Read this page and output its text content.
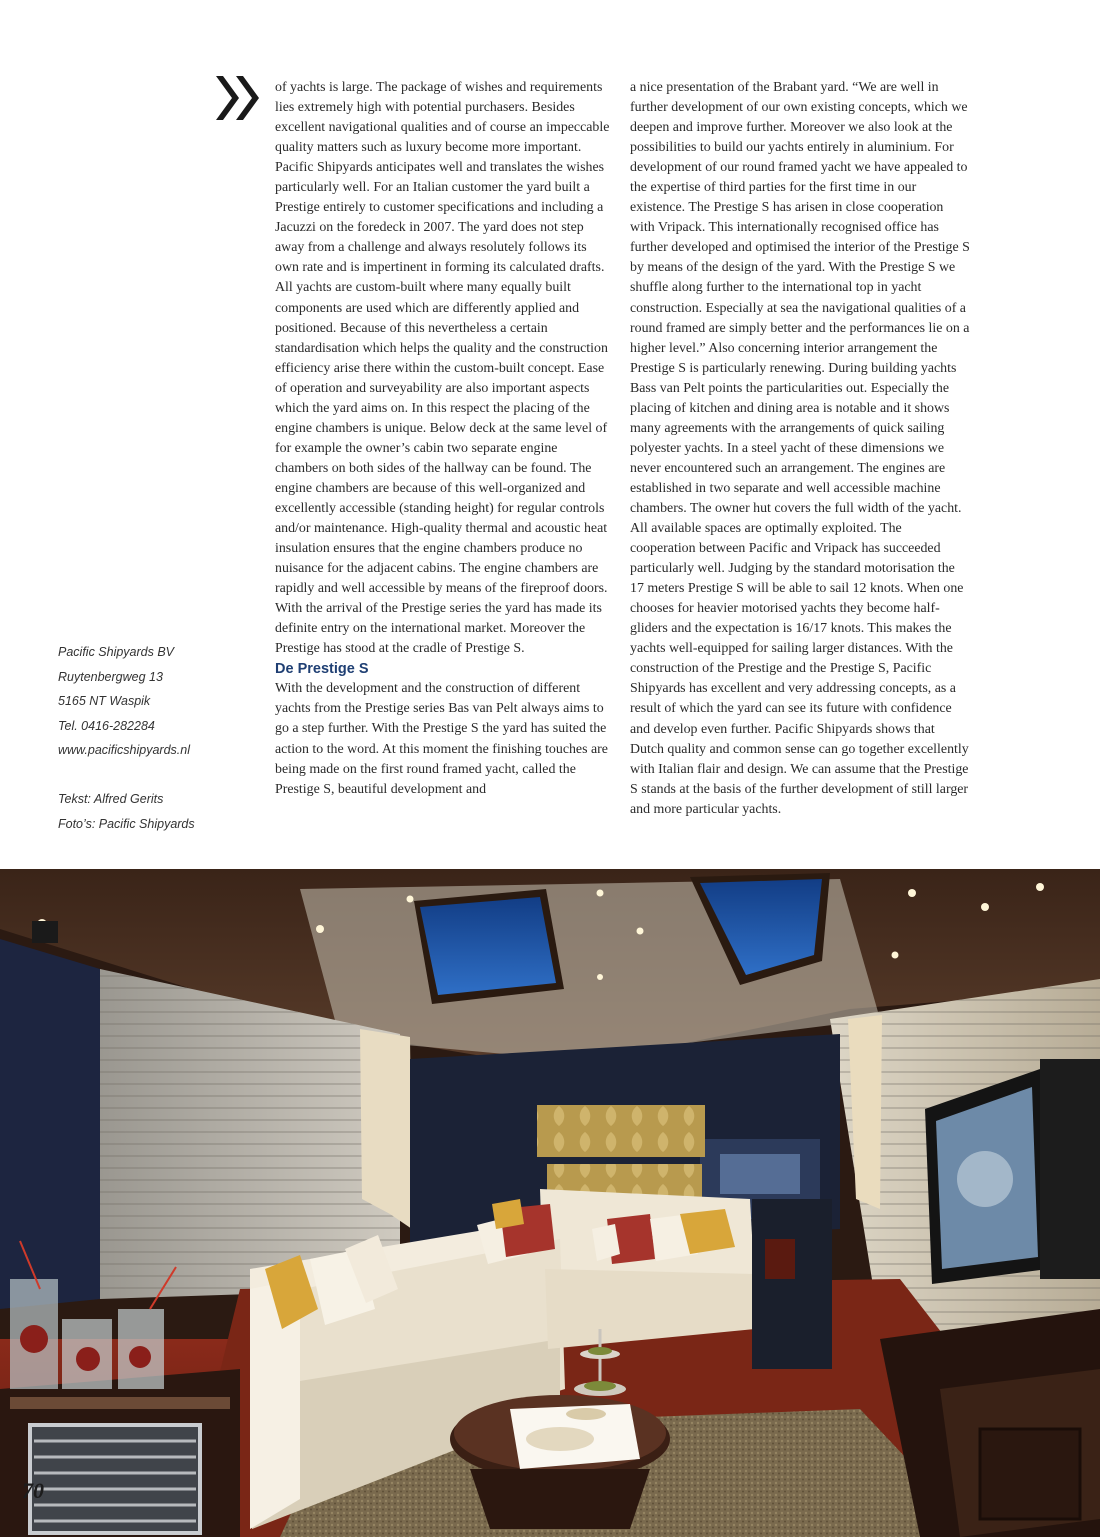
of yachts is large. The package of wishes and requirements lies extremely high with potential purchasers. Besides excellent navigational qualities and of course an impeccable quality matters such as luxury become more important. Pacific Shipyards anticipates well and translates the wishes particularly well. For an Italian customer the yard built a Prestige entirely to customer specifications and including a Jacuzzi on the foredeck in 2007. The yard does not step away from a challenge and always resolutely follows its own rate and is impertinent in forming its calculated drafts. All yachts are custom-built where many equally built components are used which are differently applied and positioned. Because of this nevertheless a certain standardisation which helps the quality and the construction efficiency arise there within the custom-built concept. Ease of operation and surveyability are also important aspects which the yard aims on. In this respect the placing of the engine chambers is unique. Below deck at the same level of for example the owner’s cabin two separate engine chambers on both sides of the hallway can be found. The engine chambers are because of this well-organized and excellently accessible (standing height) for regular controls and/or maintenance. High-quality thermal and acoustic heat insulation ensures that the engine chambers produce no nuisance for the adjacent cabins. The engine chambers are rapidly and well accessible by means of the fireproof doors. With the arrival of the Prestige series the yard has made its definite entry on the international market. Moreover the Prestige has stood at the cradle of Prestige S.

De Prestige S

With the development and the construction of different yachts from the Prestige series Bas van Pelt always aims to go a step further. With the Prestige S the yard has suited the action to the word. At this moment the finishing touches are being made on the first round framed yacht, called the Prestige S, beautiful development and

a nice presentation of the Brabant yard. “We are well in further development of our own existing concepts, which we deepen and improve further. Moreover we also look at the possibilities to build our yachts entirely in aluminium. For development of our round framed yacht we have appealed to the expertise of third parties for the first time in our existence. The Prestige S has arisen in close cooperation with Vripack. This internationally recognised office has further developed and optimised the interior of the Prestige S by means of the design of the yard. With the Prestige S we shuffle along further to the international top in yacht construction. Especially at sea the navigational qualities of a round framed are simply better and the performances lie on a higher level.” Also concerning interior arrangement the Prestige S is particularly renewing. During building yachts Bass van Pelt points the particularities out. Especially the placing of kitchen and dining area is notable and it shows many agreements with the arrangements of quick sailing polyester yachts. In a steel yacht of these dimensions we never encountered such an arrangement. The engines are established in two separate and well accessible machine chambers. The owner hut covers the full width of the yacht. All available spaces are optimally exploited. The cooperation between Pacific and Vripack has succeeded particularly well. Judging by the standard motorisation the 17 meters Prestige S will be able to sail 12 knots. When one chooses for heavier motorised yachts they become half-gliders and the expectation is 16/17 knots. This makes the yachts well-equipped for sailing larger distances. With the construction of the Prestige and the Prestige S, Pacific Shipyards has excellent and very addressing concepts, as a result of which the yard can see its future with confidence and develop even further. Pacific Shipyards shows that Dutch quality and common sense can go together excellently with Italian flair and design. We can assume that the Prestige S stands at the basis of the further development of still larger and more particular yachts.

Pacific Shipyards BV
Ruytenbergweg 13
5165 NT Waspik
Tel. 0416-282284
www.pacificshipyards.nl
Tekst: Alfred Gerits
Foto’s: Pacific Shipyards
70
